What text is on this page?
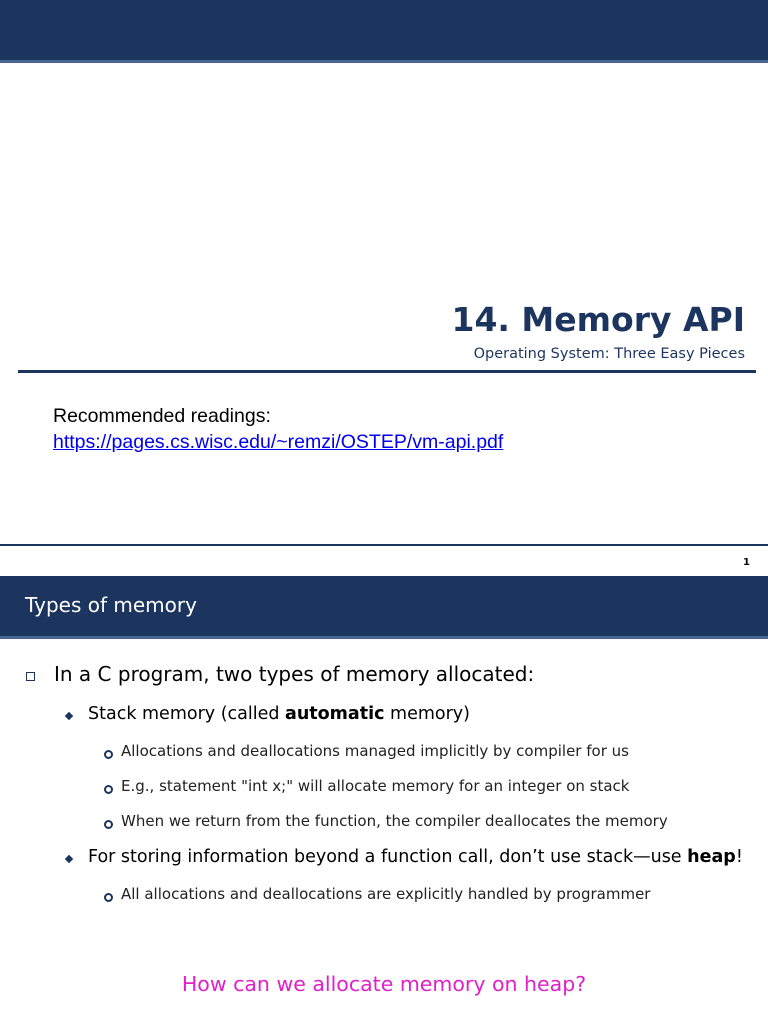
14. Memory API
Operating System: Three Easy Pieces
Recommended readings:
https://pages.cs.wisc.edu/~remzi/OSTEP/vm-api.pdf
1
Types of memory
In a C program, two types of memory allocated:
Stack memory (called automatic memory)
Allocations and deallocations managed implicitly by compiler for us
E.g., statement "int x;" will allocate memory for an integer on stack
When we return from the function, the compiler deallocates the memory
For storing information beyond a function call, don’t use stack—use heap!
All allocations and deallocations are explicitly handled by programmer
How can we allocate memory on heap?
